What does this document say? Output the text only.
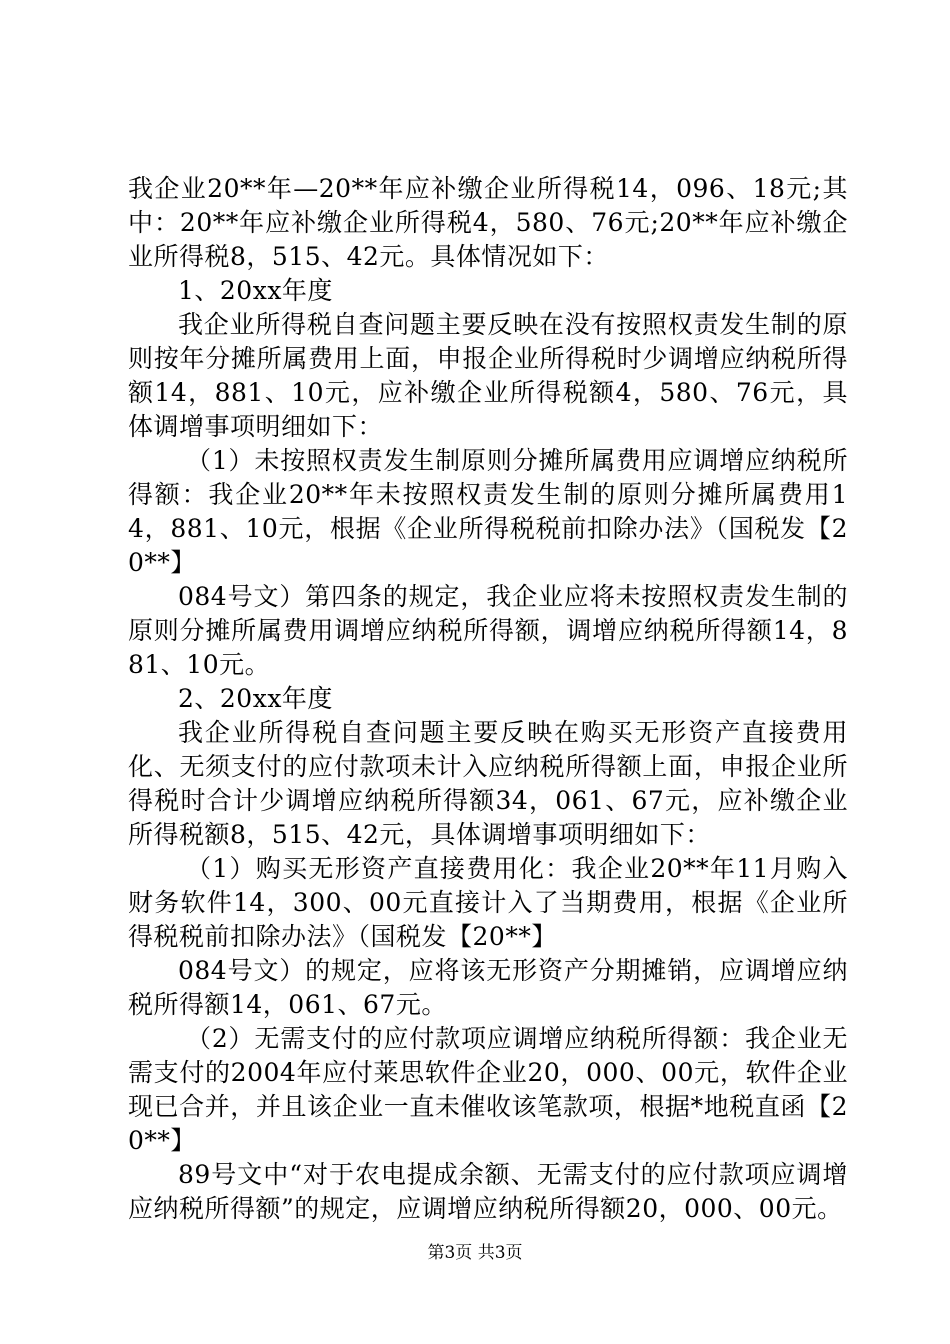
我企业20**年—20**年应补缴企业所得税14，096、18元;其中：20**年应补缴企业所得税4，580、76元;20**年应补缴企业所得税8，515、42元。具体情况如下：

1、20xx年度

我企业所得税自查问题主要反映在没有按照权责发生制的原则按年分摊所属费用上面，申报企业所得税时少调增应纳税所得额14，881、10元，应补缴企业所得税额4，580、76元，具体调增事项明细如下：

（1）未按照权责发生制原则分摊所属费用应调增应纳税所得额：我企业20**年未按照权责发生制的原则分摊所属费用14，881、10元，根据《企业所得税税前扣除办法》（国税发【20**】

084号文）第四条的规定，我企业应将未按照权责发生制的原则分摊所属费用调增应纳税所得额，调增应纳税所得额14，881、10元。

2、20xx年度

我企业所得税自查问题主要反映在购买无形资产直接费用化、无须支付的应付款项未计入应纳税所得额上面，申报企业所得税时合计少调增应纳税所得额34，061、67元，应补缴企业所得税额8，515、42元，具体调增事项明细如下：

（1）购买无形资产直接费用化：我企业20**年11月购入财务软件14，300、00元直接计入了当期费用，根据《企业所得税税前扣除办法》（国税发【20**】

084号文）的规定，应将该无形资产分期摊销，应调增应纳税所得额14，061、67元。

（2）无需支付的应付款项应调增应纳税所得额：我企业无需支付的2004年应付莱思软件企业20，000、00元，软件企业现已合并，并且该企业一直未催收该笔款项，根据*地税直函【20**】

89号文中“对于农电提成余额、无需支付的应付款项应调增应纳税所得额”的规定，应调增应纳税所得额20，000、00元。

第3页 共3页
